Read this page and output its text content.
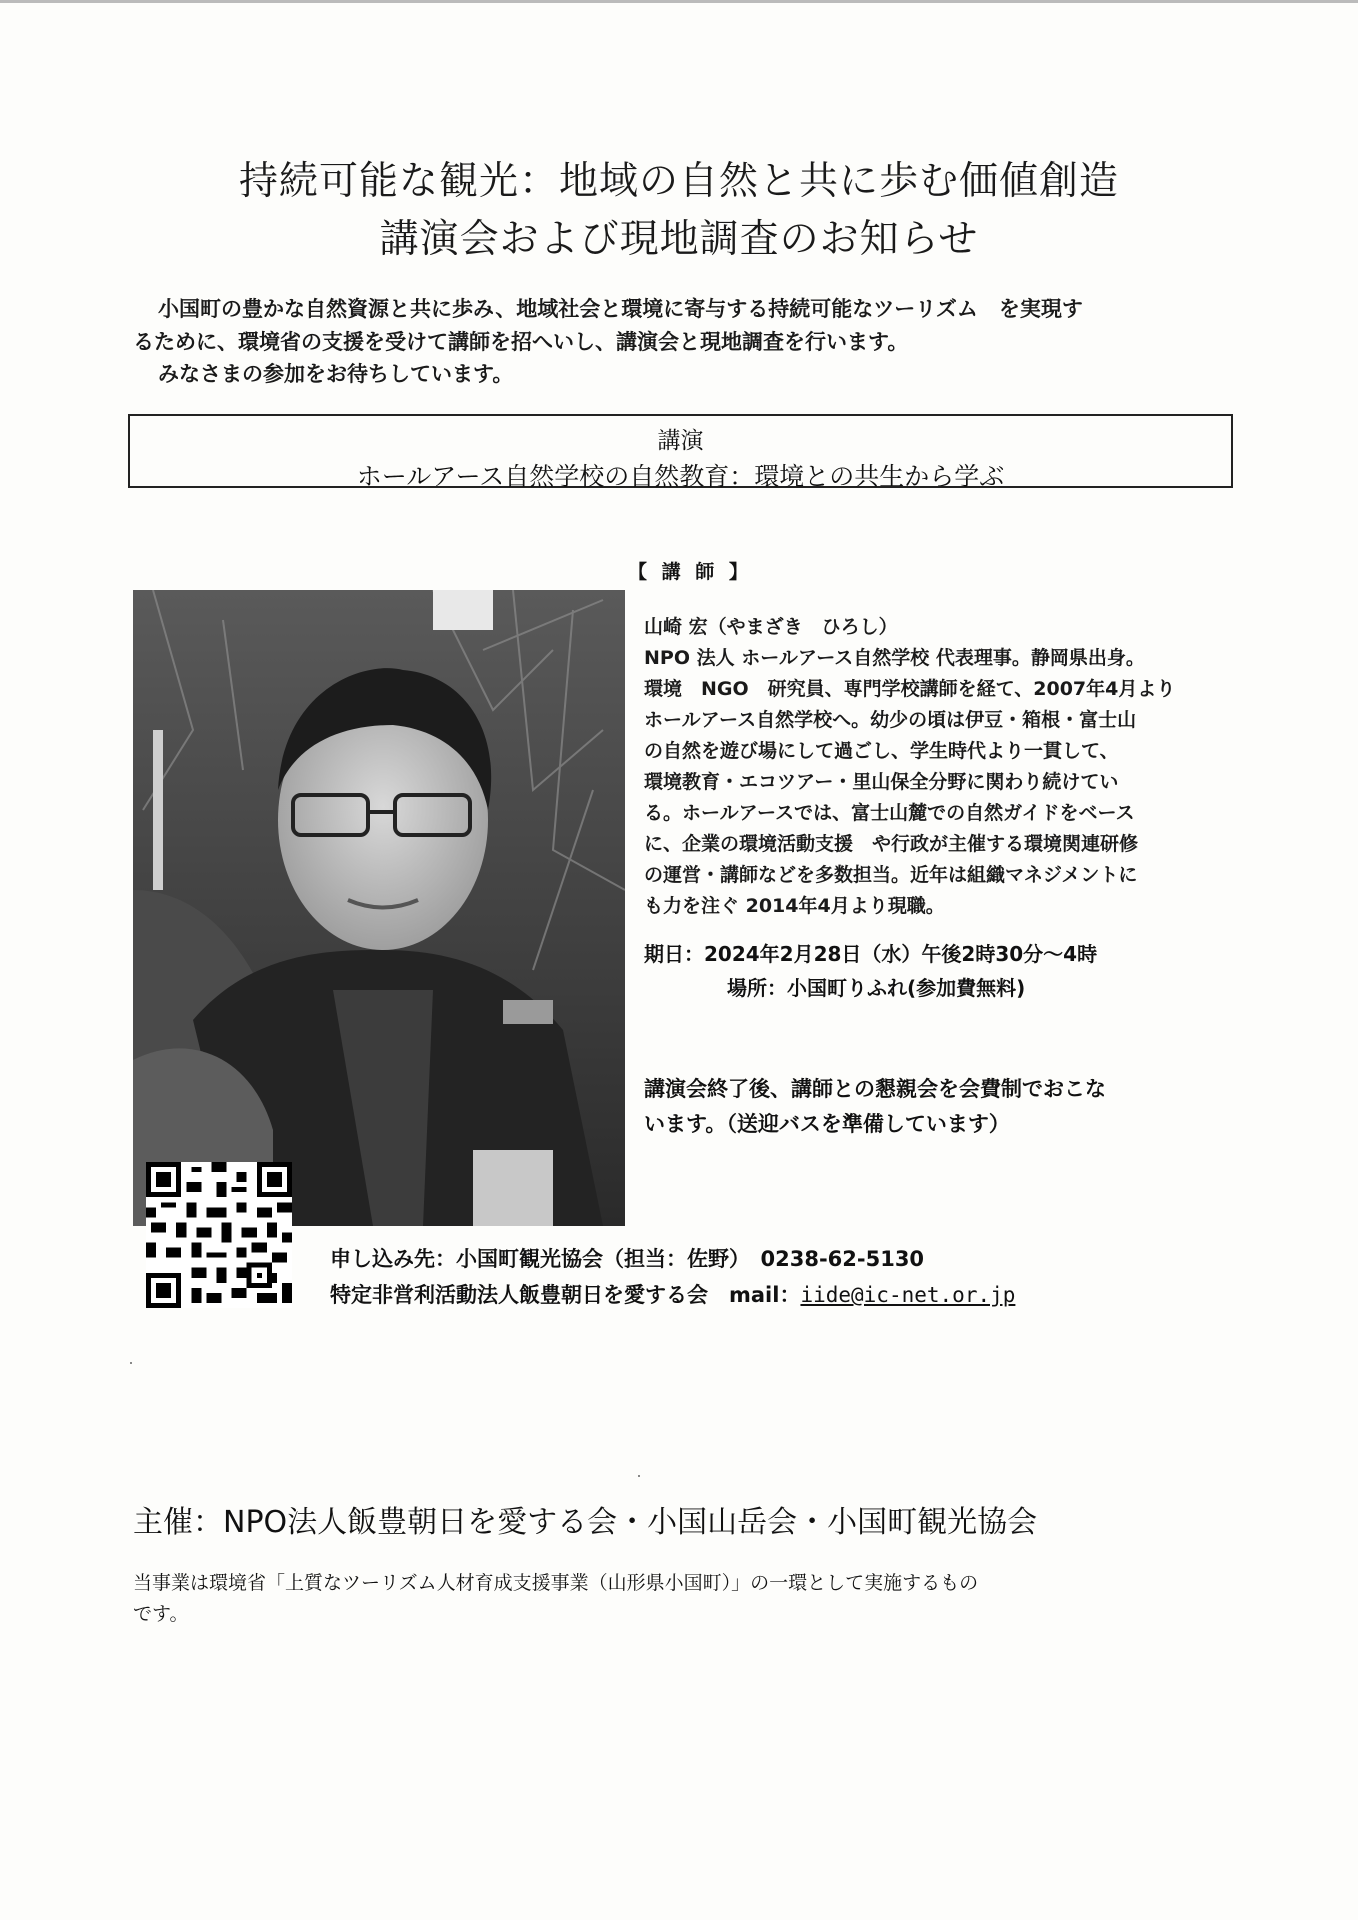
持続可能な観光：地域の自然と共に歩む価値創造
講演会および現地調査のお知らせ
小国町の豊かな自然資源と共に歩み、地域社会と環境に寄与する持続可能なツーリズム　を実現す
るために、環境省の支援を受けて講師を招へいし、講演会と現地調査を行います。
みなさまの参加をお待ちしています。
講演
ホールアース自然学校の自然教育：環境との共生から学ぶ
【 講 師 】
山崎 宏（やまざき　ひろし）
NPO 法人 ホールアース自然学校 代表理事。静岡県出身。
環境　NGO　研究員、専門学校講師を経て、2007年4月より
ホールアース自然学校へ。幼少の頃は伊豆・箱根・富士山
の自然を遊び場にして過ごし、学生時代より一貫して、
環境教育・エコツアー・里山保全分野に関わり続けてい
る。ホールアースでは、富士山麓での自然ガイドをベース
に、企業の環境活動支援　や行政が主催する環境関連研修
の運営・講師などを多数担当。近年は組織マネジメントに
も力を注ぐ 2014年4月より現職。
期日：2024年2月28日（水）午後2時30分～4時
場所：小国町りふれ(参加費無料)
講演会終了後、講師との懇親会を会費制でおこな
います。（送迎バスを準備しています）
申し込み先：小国町観光協会（担当：佐野）　0238-62-5130
特定非営利活動法人飯豊朝日を愛する会　mail：iide@ic-net.or.jp
主催：NPO法人飯豊朝日を愛する会・小国山岳会・小国町観光協会
当事業は環境省「上質なツーリズム人材育成支援事業（山形県小国町）」の一環として実施するもの
です。
